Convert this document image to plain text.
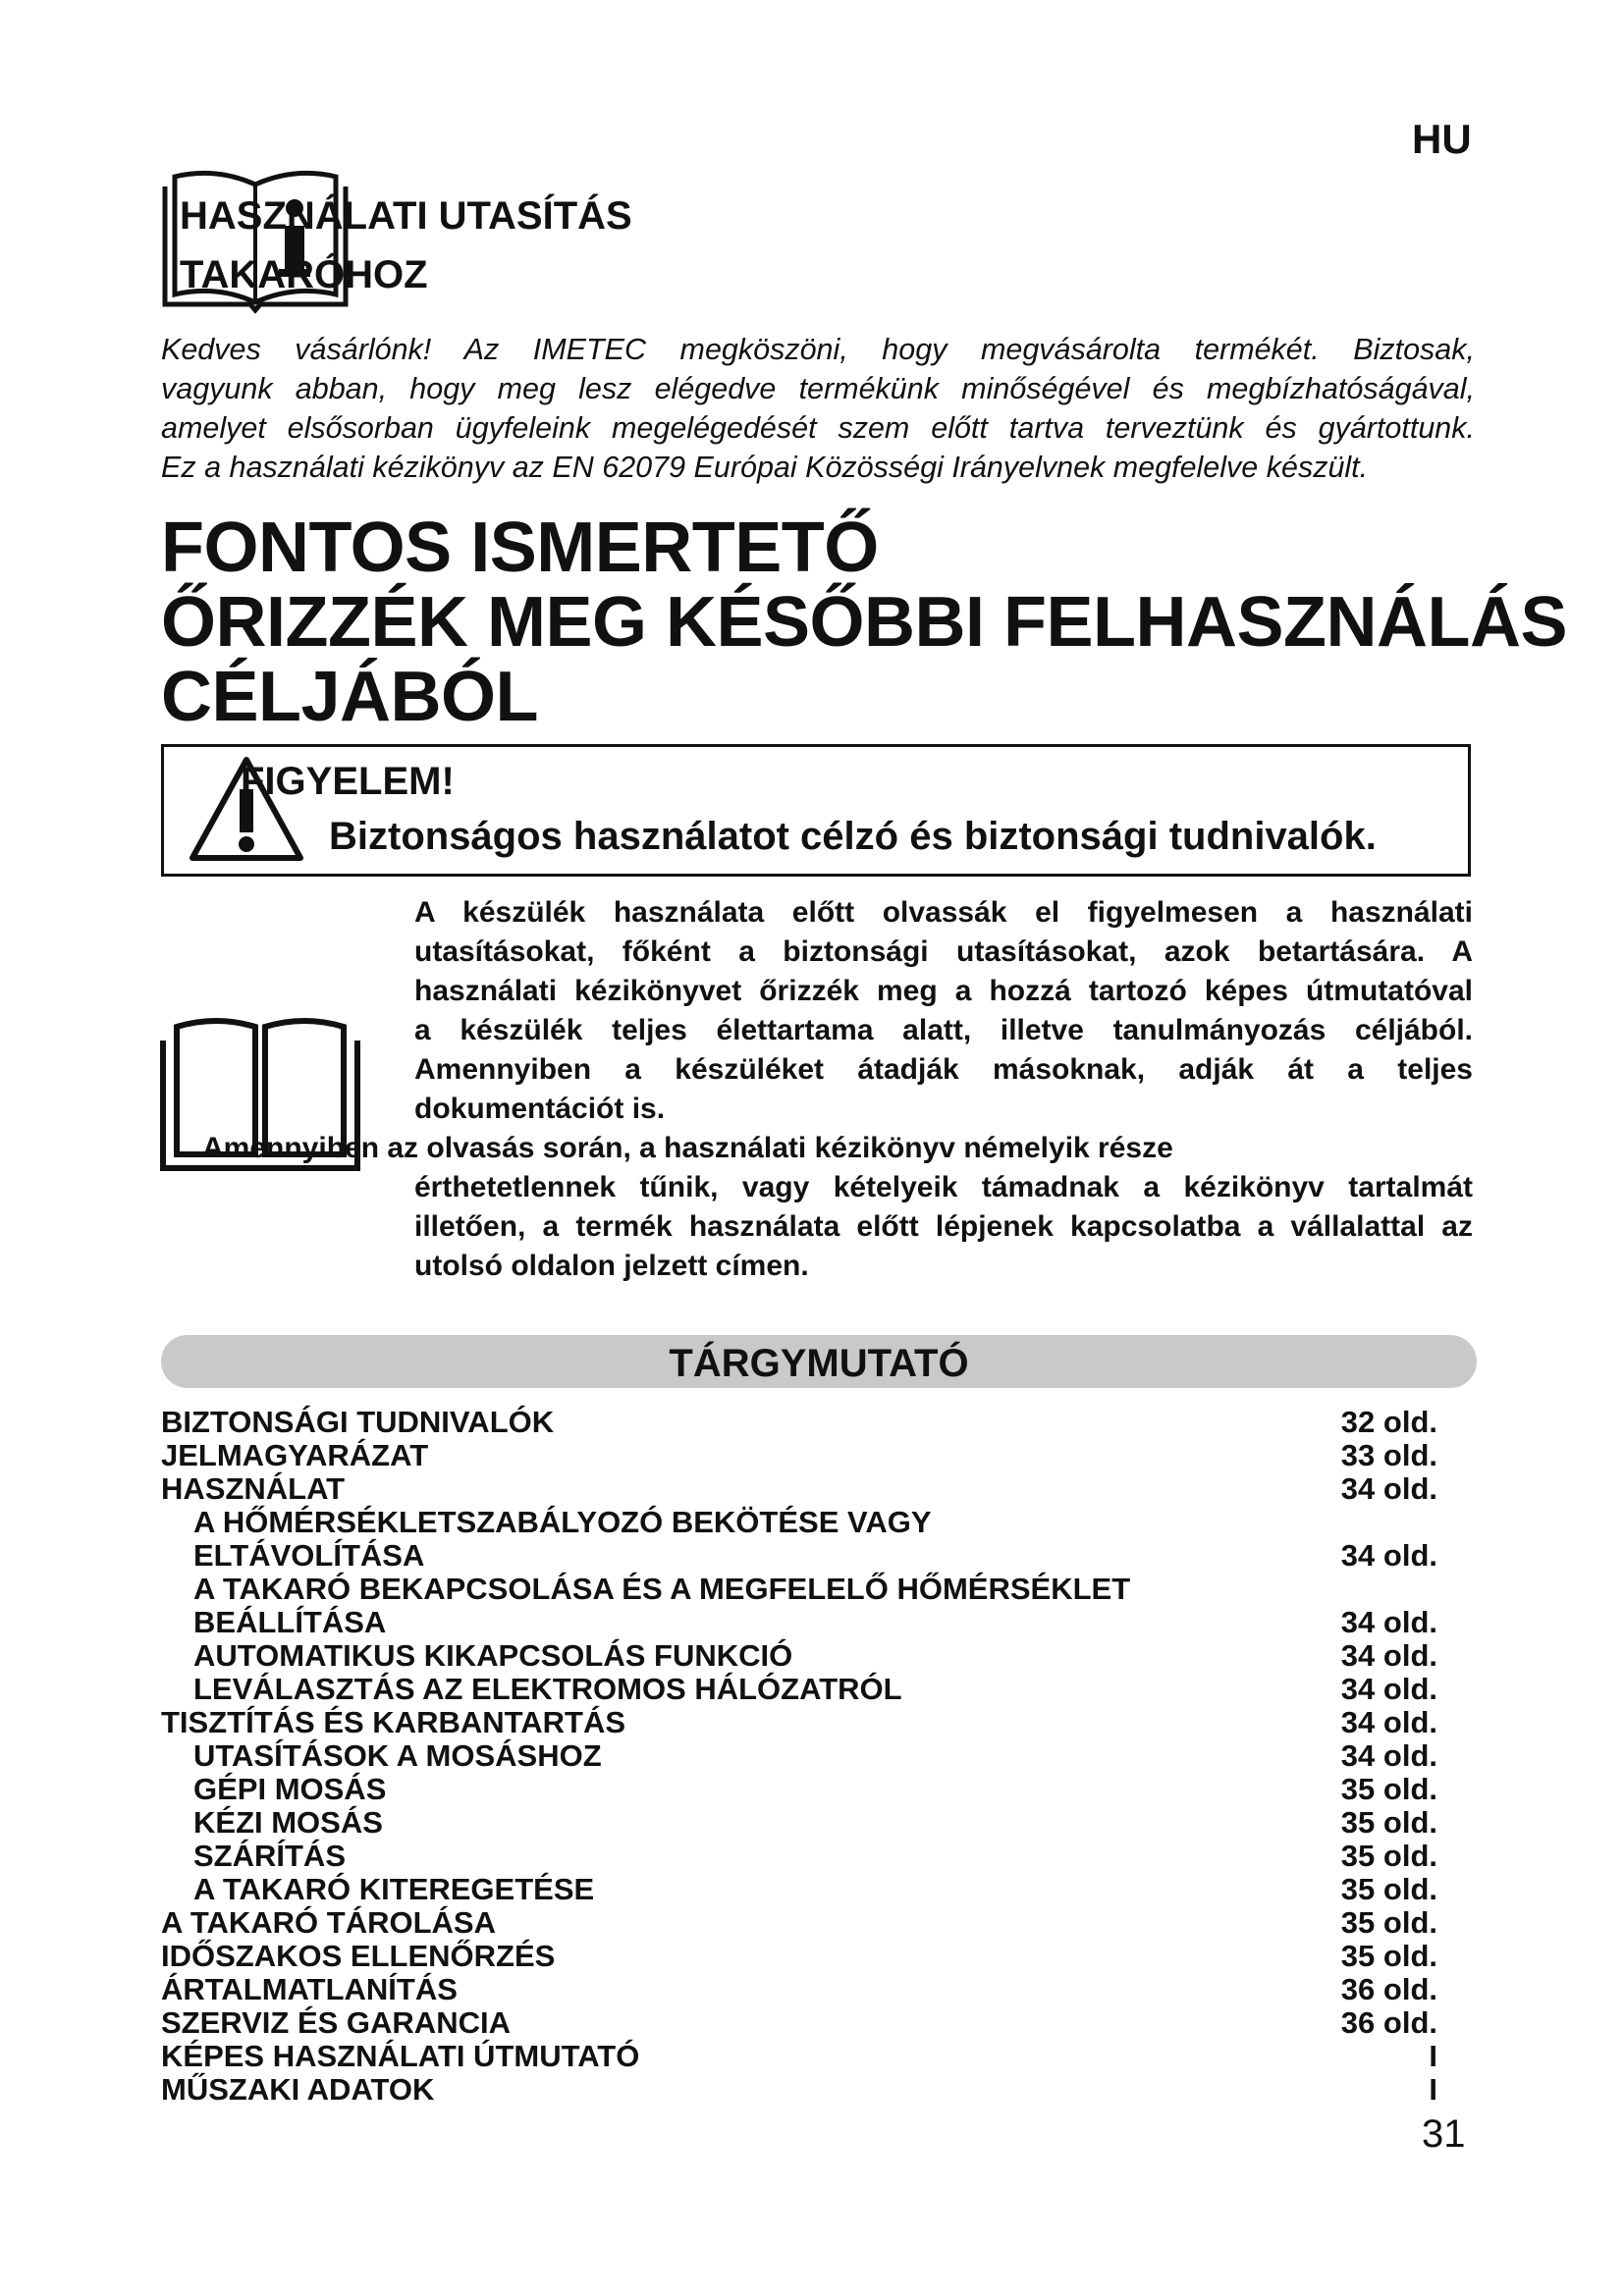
HU
HASZNÁLATI UTASÍTÁS
TAKARÓHOZ
Kedves vásárlónk! Az IMETEC megköszöni, hogy megvásárolta termékét. Biztosak,
vagyunk abban, hogy meg lesz elégedve termékünk minőségével és megbízhatóságával,
amelyet elsősorban ügyfeleink megelégedését szem előtt tartva terveztünk és gyártottunk.
Ez a használati kézikönyv az EN 62079 Európai Közösségi Irányelvnek megfelelve készült.
FONTOS ISMERTETŐ
ŐRIZZÉK MEG KÉSŐBBI FELHASZNÁLÁS
CÉLJÁBÓL
FIGYELEM!
Biztonságos használatot célzó és biztonsági tudnivalók.
A készülék használata előtt olvassák el figyelmesen a használati
utasításokat, főként a biztonsági utasításokat, azok betartására. A
használati kézikönyvet őrizzék meg a hozzá tartozó képes útmutatóval
a készülék teljes élettartama alatt, illetve tanulmányozás céljából.
Amennyiben a készüléket átadják másoknak, adják át a teljes
dokumentációt is.
Amennyiben az olvasás során, a használati kézikönyv némelyik része
érthetetlennek tűnik, vagy kételyeik támadnak a kézikönyv tartalmát
illetően, a termék használata előtt lépjenek kapcsolatba a vállalattal az
utolsó oldalon jelzett címen.
TÁRGYMUTATÓ
BIZTONSÁGI TUDNIVALÓK	32 old.
JELMAGYARÁZAT	33 old.
HASZNÁLAT	34 old.
A HŐMÉRSÉKLETSZABÁLYOZÓ BEKÖTÉSE VAGY
ELTÁVOLÍTÁSA	34 old.
A TAKARÓ BEKAPCSOLÁSA ÉS A MEGFELELŐ HŐMÉRSÉKLET
BEÁLLÍTÁSA	34 old.
AUTOMATIKUS KIKAPCSOLÁS FUNKCIÓ	34 old.
LEVÁLASZTÁS AZ ELEKTROMOS HÁLÓZATRÓL	34 old.
TISZTÍTÁS ÉS KARBANTARTÁS	34 old.
UTASÍTÁSOK A MOSÁSHOZ	34 old.
GÉPI MOSÁS	35 old.
KÉZI MOSÁS	35 old.
SZÁRÍTÁS	35 old.
A TAKARÓ KITEREGETÉSE	35 old.
A TAKARÓ TÁROLÁSA	35 old.
IDŐSZAKOS ELLENŐRZÉS	35 old.
ÁRTALMATLANÍTÁS	36 old.
SZERVIZ ÉS GARANCIA	36 old.
KÉPES HASZNÁLATI ÚTMUTATÓ	I
MŰSZAKI ADATOK	I
31
